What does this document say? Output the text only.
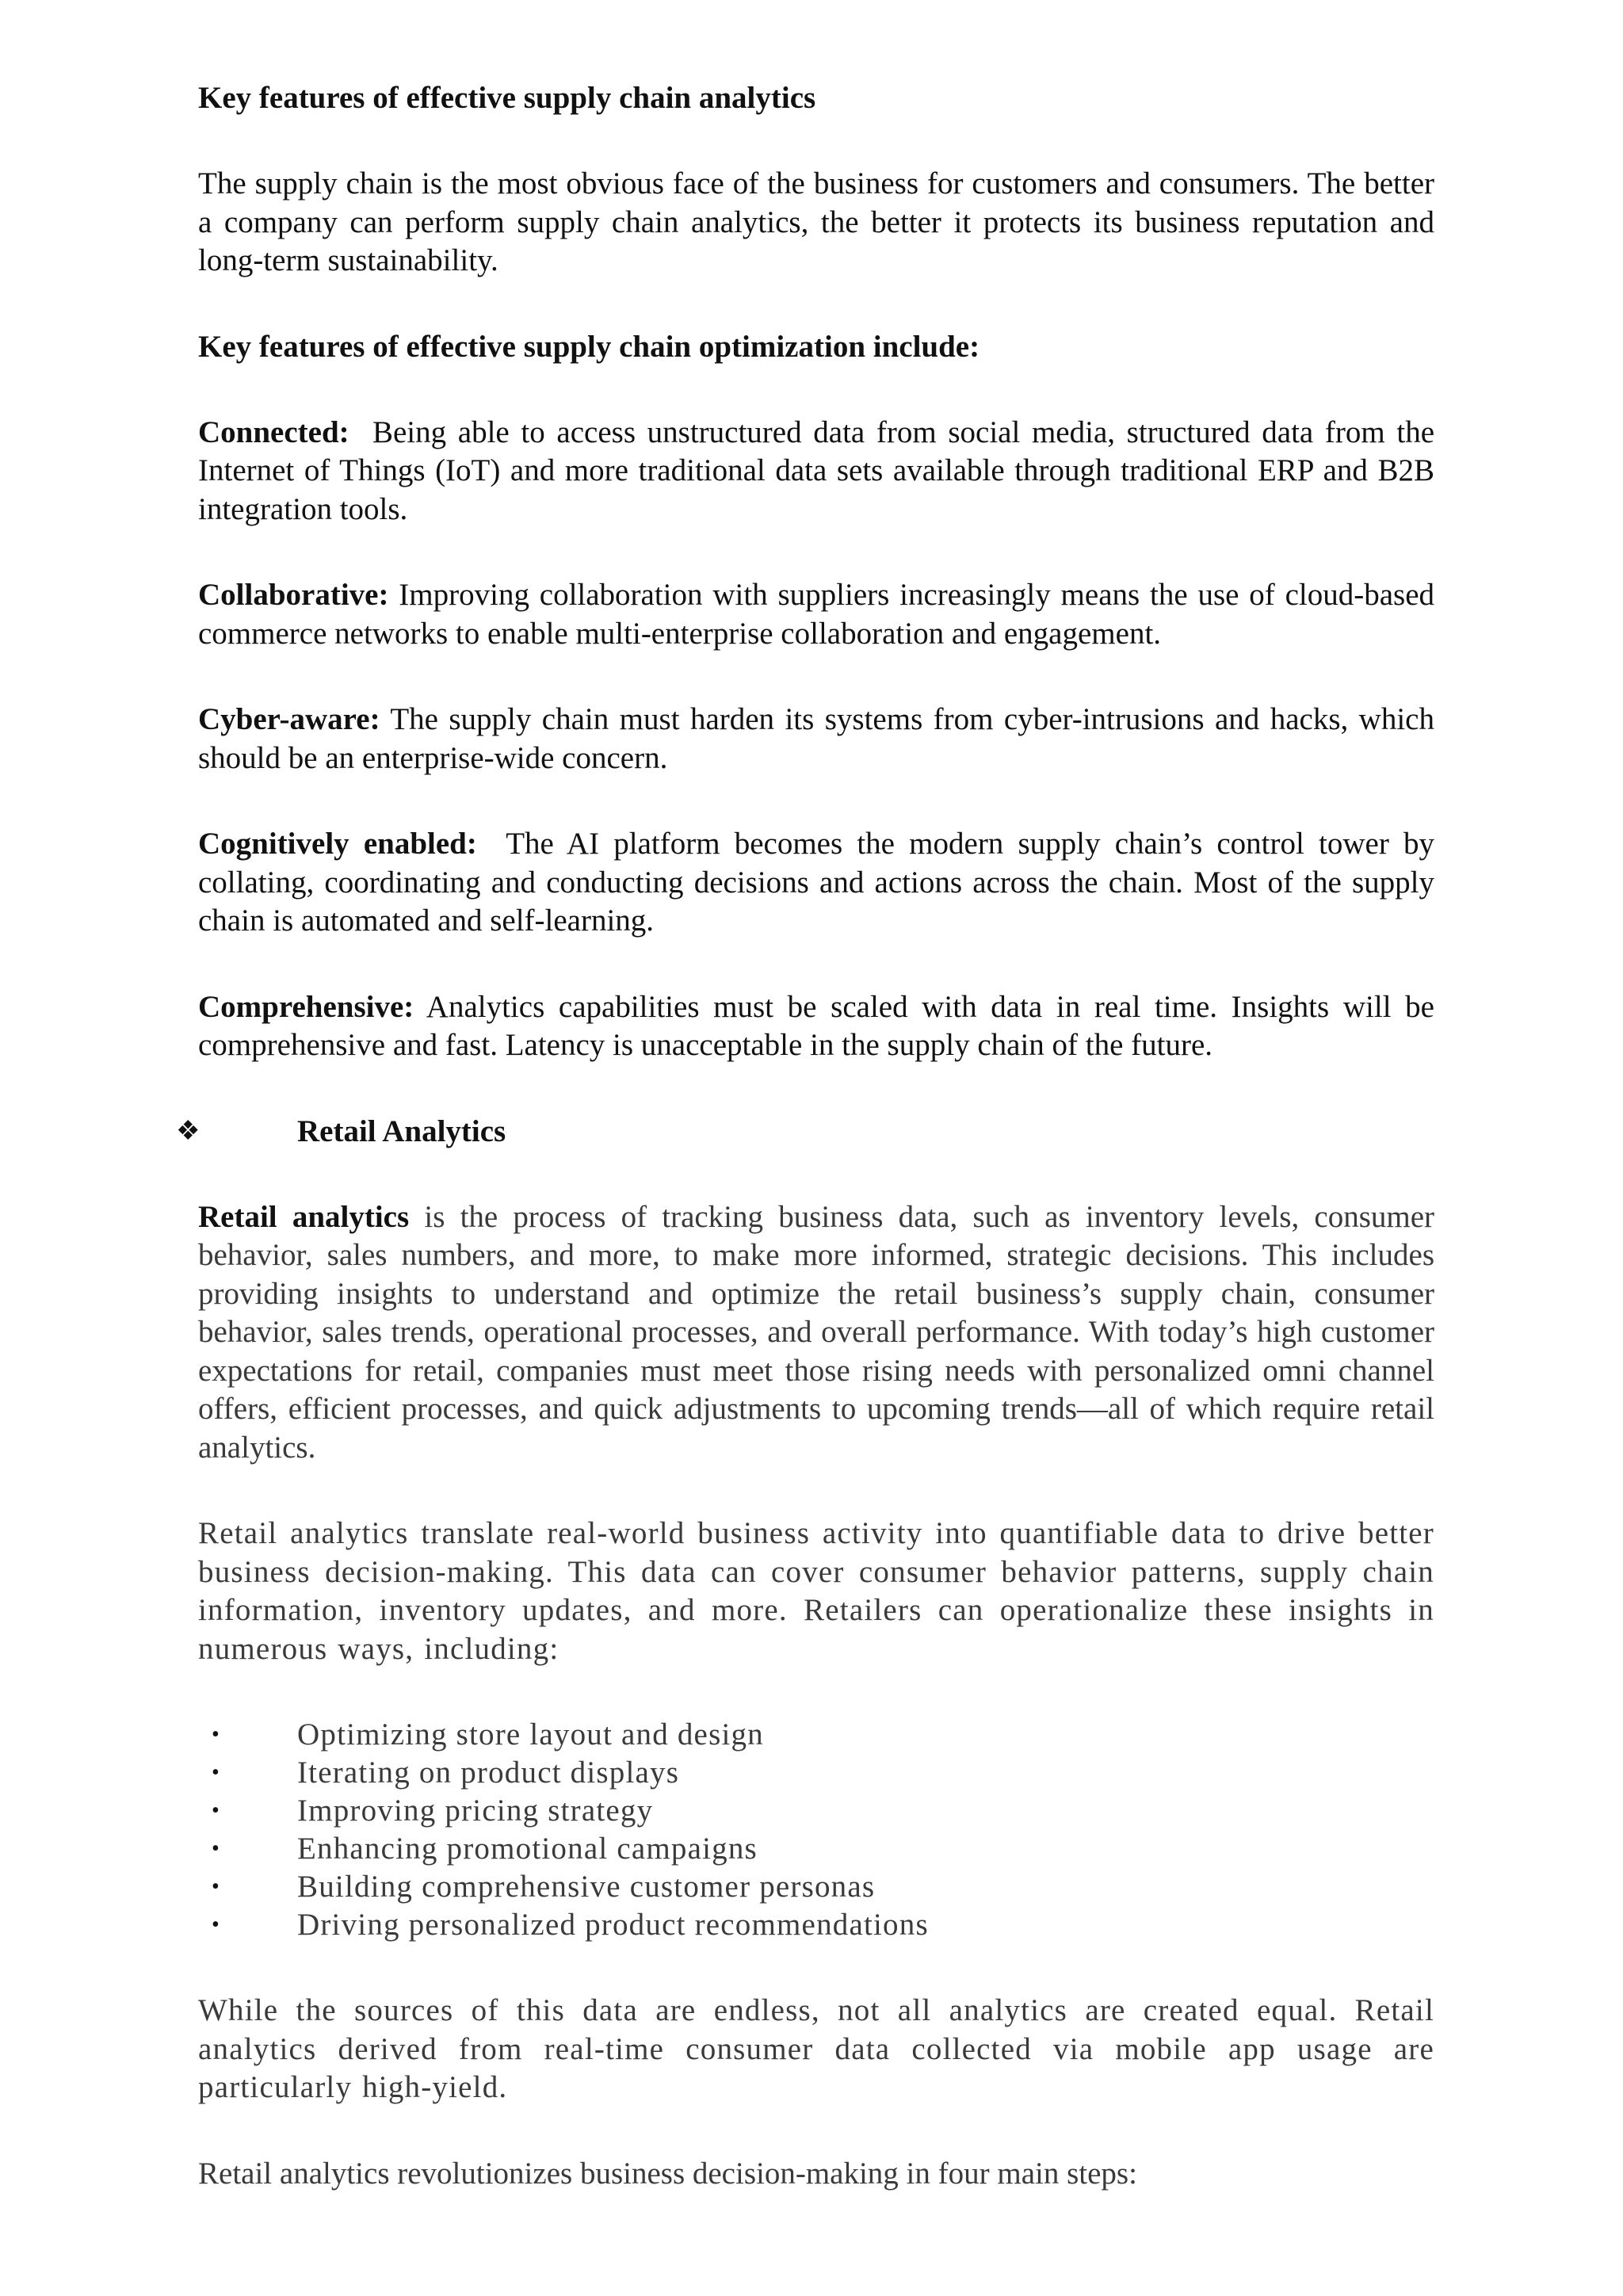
Key features of effective supply chain analytics

The supply chain is the most obvious face of the business for customers and consumers. The better a company can perform supply chain analytics, the better it protects its business reputation and long-term sustainability.

Key features of effective supply chain optimization include:

Connected: Being able to access unstructured data from social media, structured data from the Internet of Things (IoT) and more traditional data sets available through traditional ERP and B2B integration tools.

Collaborative: Improving collaboration with suppliers increasingly means the use of cloud-based commerce networks to enable multi-enterprise collaboration and engagement.

Cyber-aware: The supply chain must harden its systems from cyber-intrusions and hacks, which should be an enterprise-wide concern.

Cognitively enabled: The AI platform becomes the modern supply chain’s control tower by collating, coordinating and conducting decisions and actions across the chain. Most of the supply chain is automated and self-learning.

Comprehensive: Analytics capabilities must be scaled with data in real time. Insights will be comprehensive and fast. Latency is unacceptable in the supply chain of the future.

❖	Retail Analytics

Retail analytics is the process of tracking business data, such as inventory levels, consumer behavior, sales numbers, and more, to make more informed, strategic decisions. This includes providing insights to understand and optimize the retail business’s supply chain, consumer behavior, sales trends, operational processes, and overall performance. With today’s high customer expectations for retail, companies must meet those rising needs with personalized omni channel offers, efficient processes, and quick adjustments to upcoming trends—all of which require retail analytics.

Retail analytics translate real-world business activity into quantifiable data to drive better business decision-making. This data can cover consumer behavior patterns, supply chain information, inventory updates, and more. Retailers can operationalize these insights in numerous ways, including:

• Optimizing store layout and design
• Iterating on product displays
• Improving pricing strategy
• Enhancing promotional campaigns
• Building comprehensive customer personas
• Driving personalized product recommendations

While the sources of this data are endless, not all analytics are created equal. Retail analytics derived from real-time consumer data collected via mobile app usage are particularly high-yield.

Retail analytics revolutionizes business decision-making in four main steps:
